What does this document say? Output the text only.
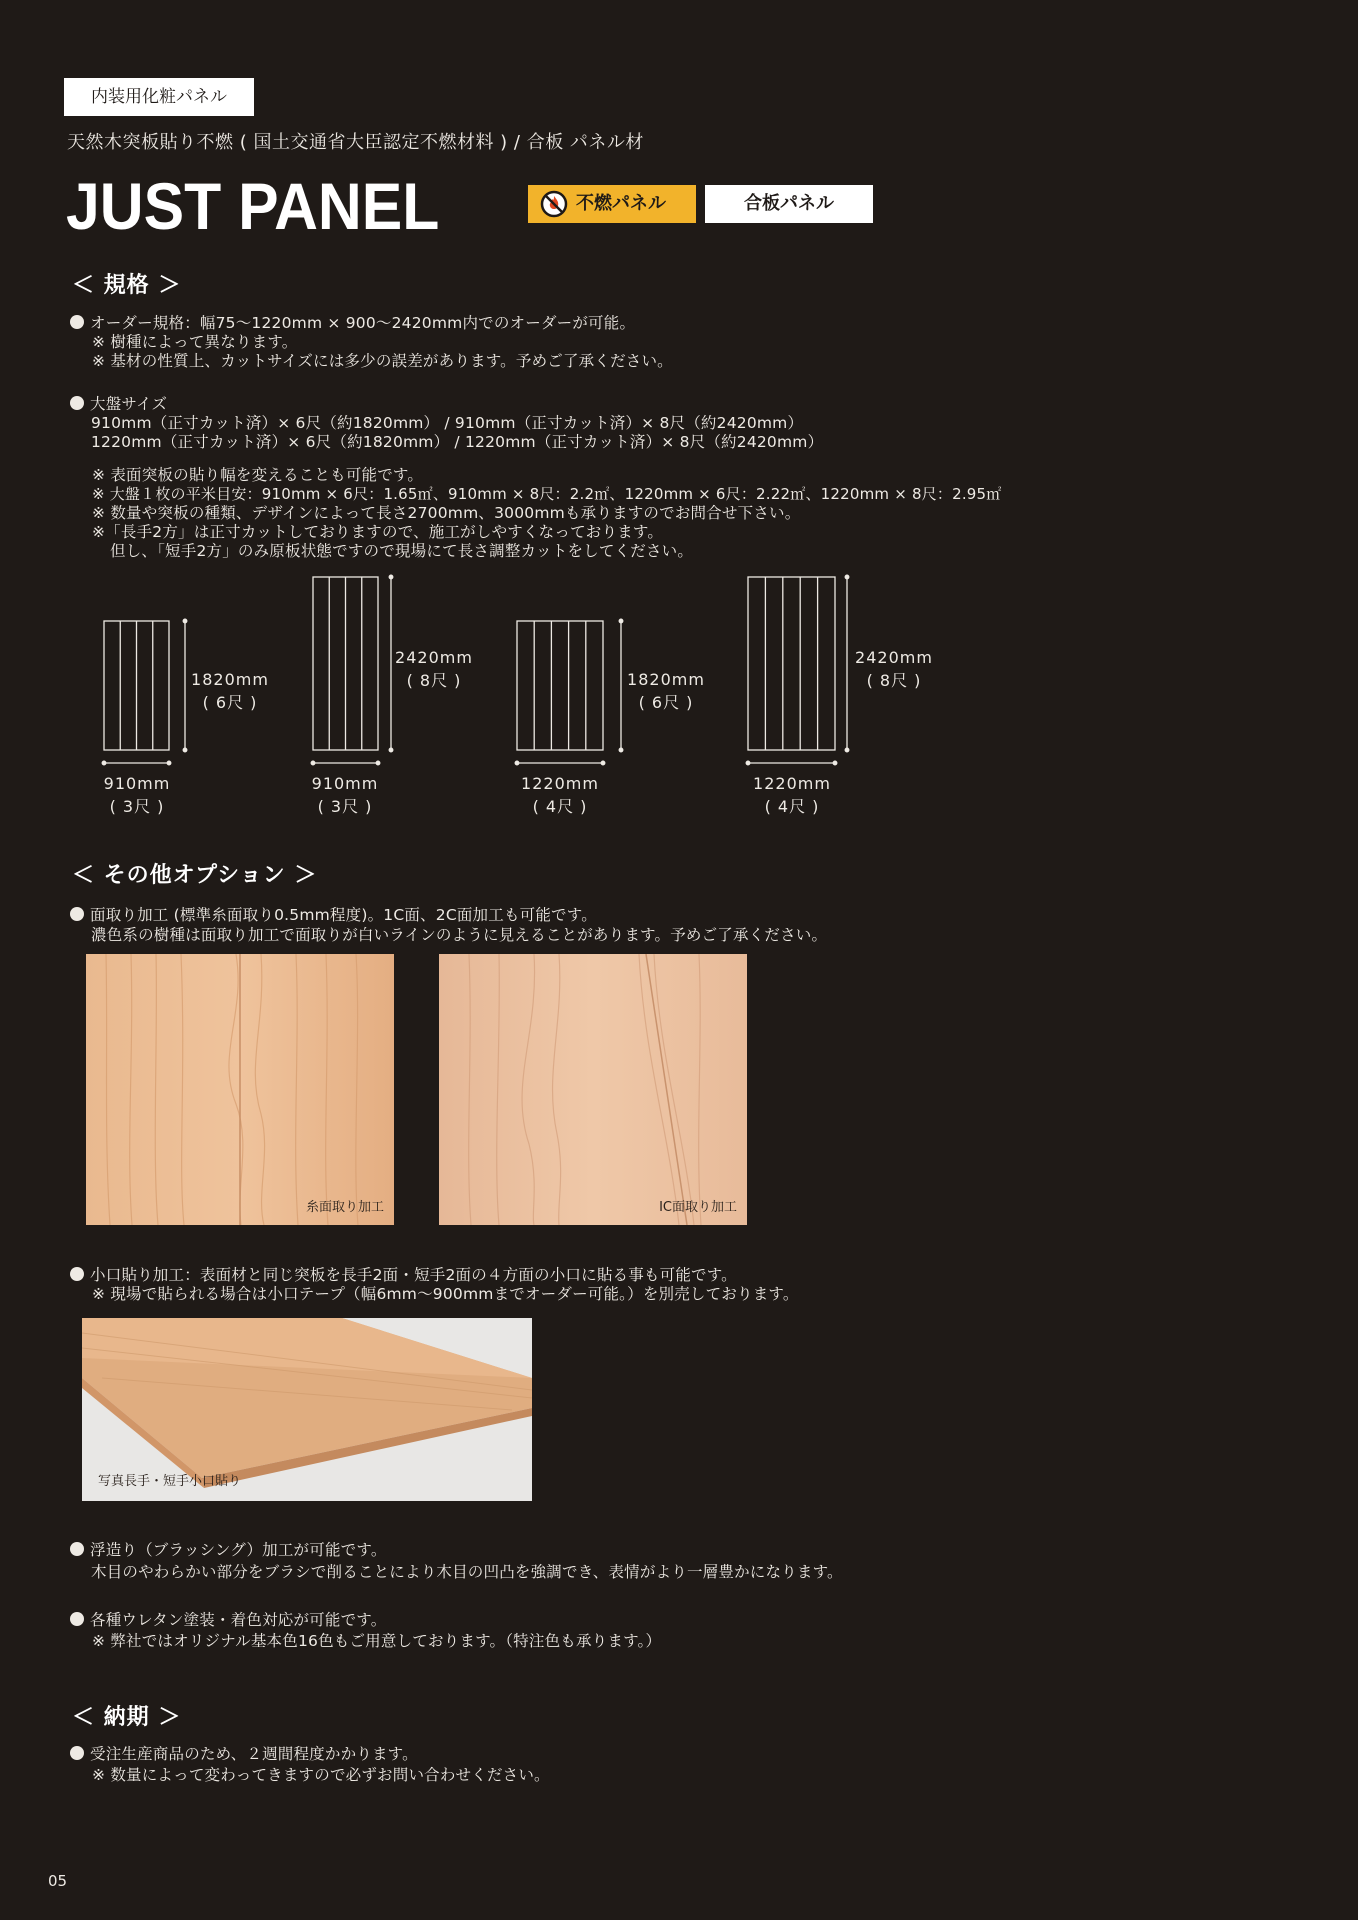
内装用化粧パネル
天然木突板貼り不燃 ( 国土交通省大臣認定不燃材料 ) / 合板 パネル材
JUST PANEL	不燃パネル	合板パネル
＜ 規格 ＞
オーダー規格：幅75～1220mm × 900～2420mm内でのオーダーが可能。
※ 樹種によって異なります。
※ 基材の性質上、カットサイズには多少の誤差があります。予めご了承ください。
大盤サイズ
910mm（正寸カット済）× 6尺（約1820mm） / 910mm（正寸カット済）× 8尺（約2420mm）
1220mm（正寸カット済）× 6尺（約1820mm） / 1220mm（正寸カット済）× 8尺（約2420mm）
※ 表面突板の貼り幅を変えることも可能です。
※ 大盤１枚の平米目安：910mm × 6尺：1.65㎡、910mm × 8尺：2.2㎡、1220mm × 6尺：2.22㎡、1220mm × 8尺：2.95㎡
※ 数量や突板の種類、デザインによって長さ2700mm、3000mmも承りますのでお問合せ下さい。
※「長手2方」は正寸カットしておりますので、施工がしやすくなっております。
但し、「短手2方」のみ原板状態ですので現場にて長さ調整カットをしてください。
1820mm
( 6尺 )
910mm
( 3尺 )
2420mm
( 8尺 )
910mm
( 3尺 )
1820mm
( 6尺 )
1220mm
( 4尺 )
2420mm
( 8尺 )
1220mm
( 4尺 )
＜ その他オプション ＞
面取り加工 (標準糸面取り0.5mm程度)。1C面、2C面加工も可能です。
濃色系の樹種は面取り加工で面取りが白いラインのように見えることがあります。予めご了承ください。
糸面取り加工	IC面取り加工
小口貼り加工：表面材と同じ突板を長手2面・短手2面の４方面の小口に貼る事も可能です。
※ 現場で貼られる場合は小口テープ（幅6mm～900mmまでオーダー可能。）を別売しております。
写真長手・短手小口貼り
浮造り（ブラッシング）加工が可能です。
木目のやわらかい部分をブラシで削ることにより木目の凹凸を強調でき、表情がより一層豊かになります。
各種ウレタン塗装・着色対応が可能です。
※ 弊社ではオリジナル基本色16色もご用意しております。（特注色も承ります。）
＜ 納期 ＞
受注生産商品のため、２週間程度かかります。
※ 数量によって変わってきますので必ずお問い合わせください。
05
